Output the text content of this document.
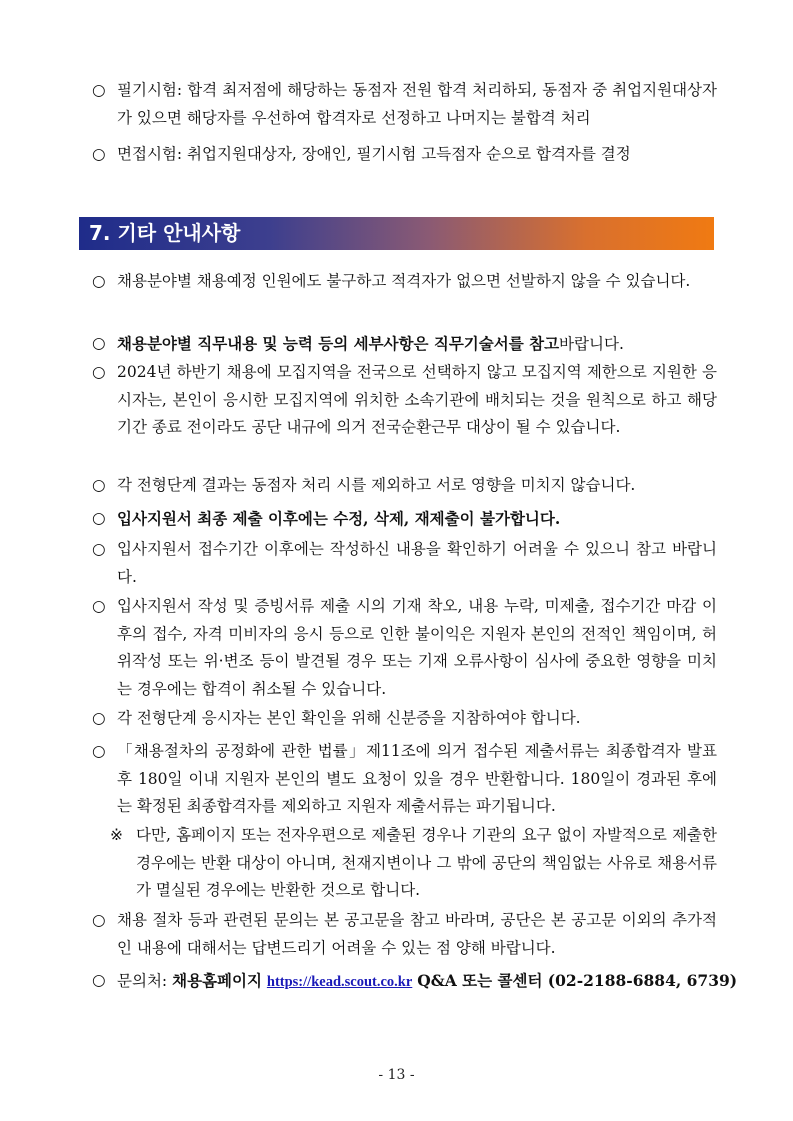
○ 필기시험: 합격 최저점에 해당하는 동점자 전원 합격 처리하되, 동점자 중 취업지원대상자가 있으면 해당자를 우선하여 합격자로 선정하고 나머지는 불합격 처리
○ 면접시험: 취업지원대상자, 장애인, 필기시험 고득점자 순으로 합격자를 결정
7. 기타 안내사항
○ 채용분야별 채용예정 인원에도 불구하고 적격자가 없으면 선발하지 않을 수 있습니다.
○ 채용분야별 직무내용 및 능력 등의 세부사항은 직무기술서를 참고바랍니다.
○ 2024년 하반기 채용에 모집지역을 전국으로 선택하지 않고 모집지역 제한으로 지원한 응시자는, 본인이 응시한 모집지역에 위치한 소속기관에 배치되는 것을 원칙으로 하고 해당기간 종료 전이라도 공단 내규에 의거 전국순환근무 대상이 될 수 있습니다.
○ 각 전형단계 결과는 동점자 처리 시를 제외하고 서로 영향을 미치지 않습니다.
○ 입사지원서 최종 제출 이후에는 수정, 삭제, 재제출이 불가합니다.
○ 입사지원서 접수기간 이후에는 작성하신 내용을 확인하기 어려울 수 있으니 참고 바랍니다.
○ 입사지원서 작성 및 증빙서류 제출 시의 기재 착오, 내용 누락, 미제출, 접수기간 마감 이후의 접수, 자격 미비자의 응시 등으로 인한 불이익은 지원자 본인의 전적인 책임이며, 허위작성 또는 위·변조 등이 발견될 경우 또는 기재 오류사항이 심사에 중요한 영향을 미치는 경우에는 합격이 취소될 수 있습니다.
○ 각 전형단계 응시자는 본인 확인을 위해 신분증을 지참하여야 합니다.
○ 「채용절차의 공정화에 관한 법률」제11조에 의거 접수된 제출서류는 최종합격자 발표 후 180일 이내 지원자 본인의 별도 요청이 있을 경우 반환합니다. 180일이 경과된 후에는 확정된 최종합격자를 제외하고 지원자 제출서류는 파기됩니다.
※ 다만, 홈페이지 또는 전자우편으로 제출된 경우나 기관의 요구 없이 자발적으로 제출한 경우에는 반환 대상이 아니며, 천재지변이나 그 밖에 공단의 책임없는 사유로 채용서류가 멸실된 경우에는 반환한 것으로 합니다.
○ 채용 절차 등과 관련된 문의는 본 공고문을 참고 바라며, 공단은 본 공고문 이외의 추가적인 내용에 대해서는 답변드리기 어려울 수 있는 점 양해 바랍니다.
○ 문의처: 채용홈페이지 https://kead.scout.co.kr Q&A 또는 콜센터 (02-2188-6884, 6739)
- 13 -
